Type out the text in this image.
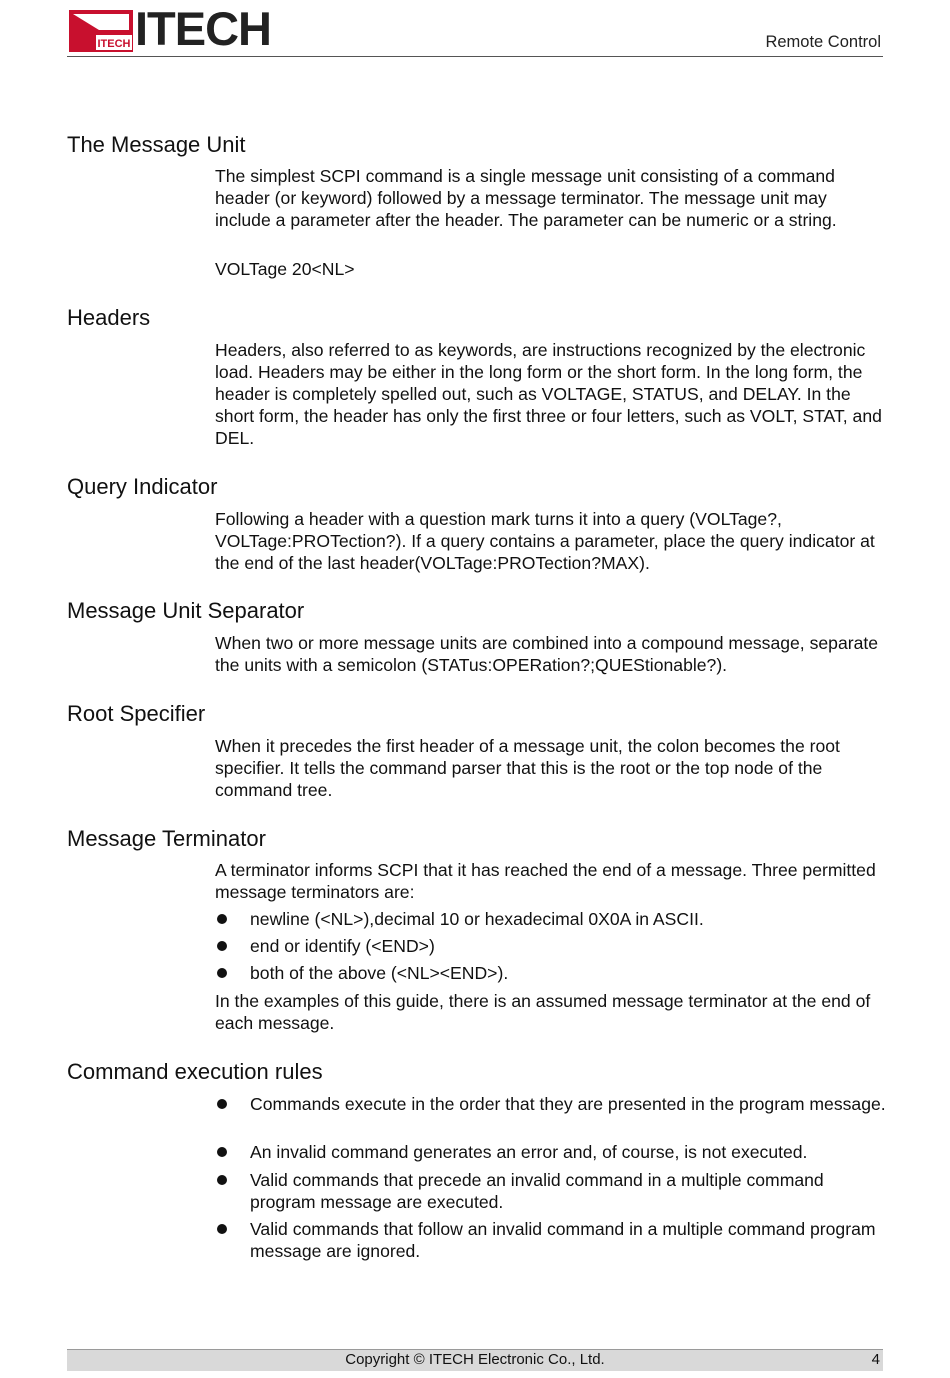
ITECH ITECH	Remote Control
The Message Unit

The simplest SCPI command is a single message unit consisting of a command header (or keyword) followed by a message terminator. The message unit may include a parameter after the header. The parameter can be numeric or a string.

VOLTage 20<NL>

Headers

Headers, also referred to as keywords, are instructions recognized by the electronic load. Headers may be either in the long form or the short form. In the long form, the header is completely spelled out, such as VOLTAGE, STATUS, and DELAY. In the short form, the header has only the first three or four letters, such as VOLT, STAT, and DEL.

Query Indicator

Following a header with a question mark turns it into a query (VOLTage?, VOLTage:PROTection?). If a query contains a parameter, place the query indicator at the end of the last header(VOLTage:PROTection?MAX).

Message Unit Separator

When two or more message units are combined into a compound message, separate the units with a semicolon (STATus:OPERation?;QUEStionable?).

Root Specifier

When it precedes the first header of a message unit, the colon becomes the root specifier. It tells the command parser that this is the root or the top node of the command tree.

Message Terminator

A terminator informs SCPI that it has reached the end of a message. Three permitted message terminators are:

newline (<NL>),decimal 10 or hexadecimal 0X0A in ASCII.
end or identify (<END>)
both of the above (<NL><END>).

In the examples of this guide, there is an assumed message terminator at the end of each message.

Command execution rules
Commands execute in the order that they are presented in the program message.
An invalid command generates an error and, of course, is not executed.
Valid commands that precede an invalid command in a multiple command program message are executed.
Valid commands that follow an invalid command in a multiple command program message are ignored.
Copyright © ITECH Electronic Co., Ltd.	4
